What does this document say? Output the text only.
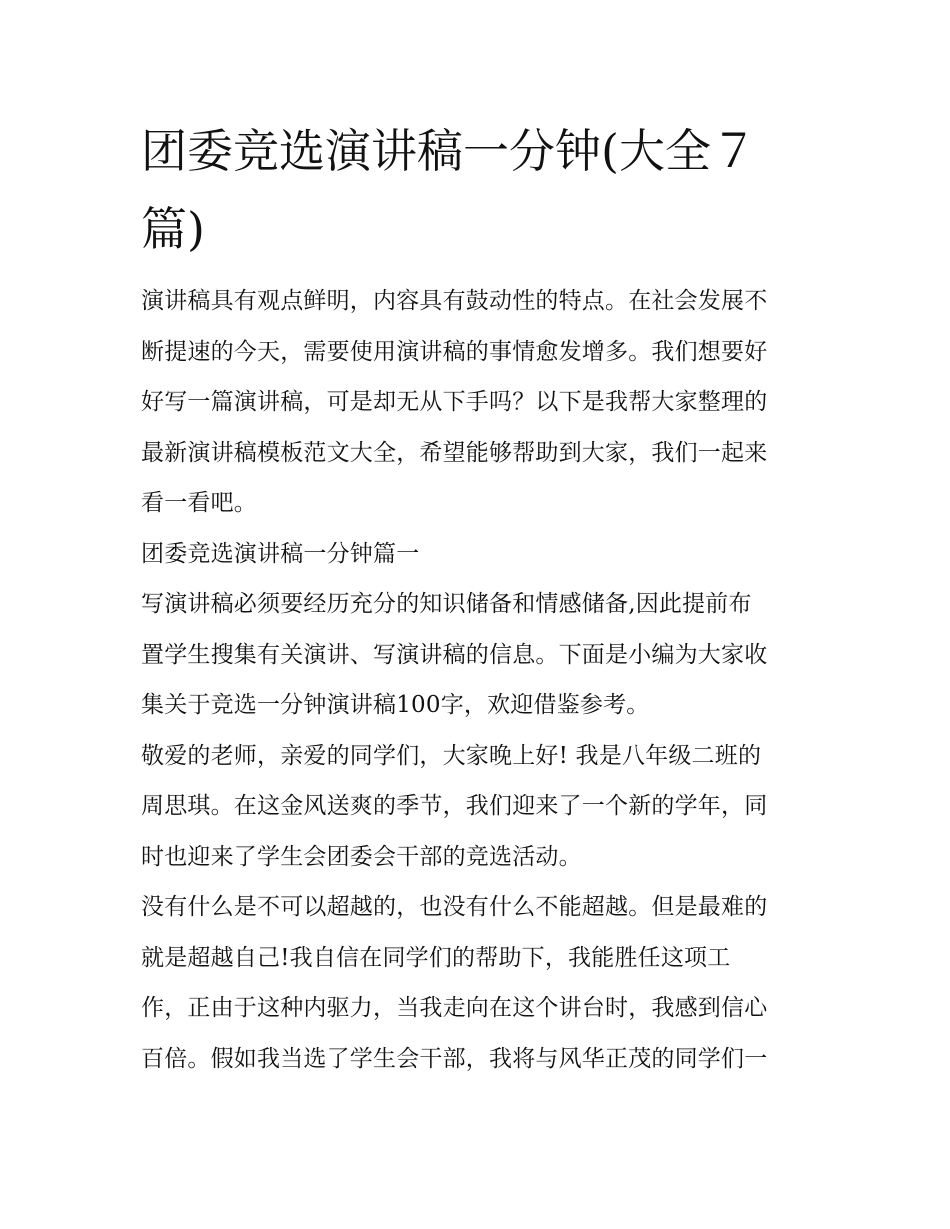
团委竞选演讲稿一分钟(大全７
篇)
演讲稿具有观点鲜明，内容具有鼓动性的特点。在社会发展不
断提速的今天，需要使用演讲稿的事情愈发增多。我们想要好
好写一篇演讲稿，可是却无从下手吗？以下是我帮大家整理的
最新演讲稿模板范文大全，希望能够帮助到大家，我们一起来
看一看吧。
团委竞选演讲稿一分钟篇一
写演讲稿必须要经历充分的知识储备和情感储备,因此提前布
置学生搜集有关演讲、写演讲稿的信息。下面是小编为大家收
集关于竞选一分钟演讲稿100字，欢迎借鉴参考。
敬爱的老师，亲爱的同学们，大家晚上好! 我是八年级二班的
周思琪。在这金风送爽的季节，我们迎来了一个新的学年，同
时也迎来了学生会团委会干部的竞选活动。
没有什么是不可以超越的，也没有什么不能超越。但是最难的
就是超越自己!我自信在同学们的帮助下，我能胜任这项工
作，正由于这种内驱力，当我走向在这个讲台时，我感到信心
百倍。假如我当选了学生会干部，我将与风华正茂的同学们一
